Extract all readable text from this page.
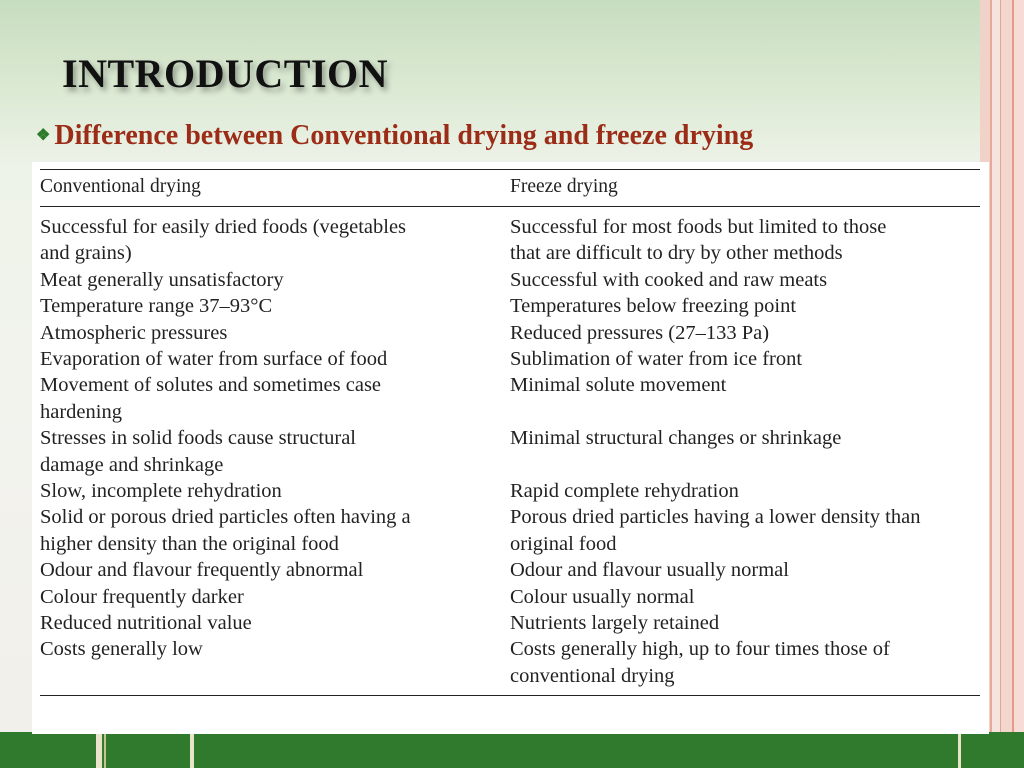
INTRODUCTION
❖ Difference between Conventional drying and freeze drying
Conventional drying	Freeze drying
Successful for easily dried foods (vegetables
and grains)
Meat generally unsatisfactory
Temperature range 37–93°C
Atmospheric pressures
Evaporation of water from surface of food
Movement of solutes and sometimes case
hardening
Stresses in solid foods cause structural
damage and shrinkage
Slow, incomplete rehydration
Solid or porous dried particles often having a
higher density than the original food
Odour and flavour frequently abnormal
Colour frequently darker
Reduced nutritional value
Costs generally low
Successful for most foods but limited to those
that are difficult to dry by other methods
Successful with cooked and raw meats
Temperatures below freezing point
Reduced pressures (27–133 Pa)
Sublimation of water from ice front
Minimal solute movement
Minimal structural changes or shrinkage
Rapid complete rehydration
Porous dried particles having a lower density than
original food
Odour and flavour usually normal
Colour usually normal
Nutrients largely retained
Costs generally high, up to four times those of
conventional drying
